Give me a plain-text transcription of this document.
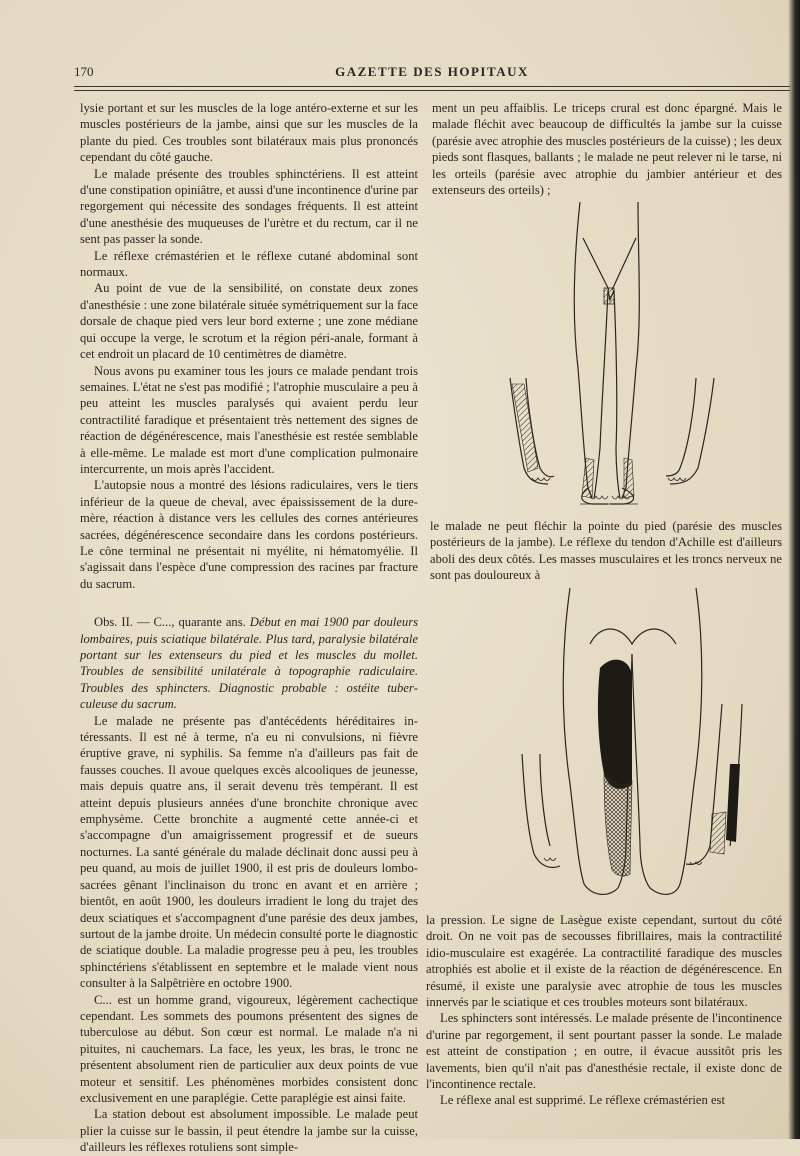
170	GAZETTE DES HOPITAUX

lysie portant et sur les muscles de la loge antéro-externe et sur les muscles postérieurs de la jambe, ainsi que sur les muscles de la plante du pied. Ces troubles sont bilatéraux mais plus prononcés cependant du côté gauche.

Le malade présente des troubles sphinctériens. Il est atteint d'une constipation opiniâtre, et aussi d'une incontinence d'urine par regorgement qui nécessite des sondages fréquents. Il est atteint d'une anesthésie des muqueuses de l'urètre et du rectum, car il ne sent pas passer la sonde.

Le réflexe crémastérien et le réflexe cutané abdominal sont normaux.

Au point de vue de la sensibilité, on constate deux zones d'anesthésie : une zone bilatérale située symétriquement sur la face dorsale de chaque pied vers leur bord externe ; une zone médiane qui occupe la verge, le scrotum et la région péri-anale, formant à cet endroit un placard de 10 centimètres de diamètre.

Nous avons pu examiner tous les jours ce malade pendant trois semaines. L'état ne s'est pas modifié ; l'atrophie musculaire a peu à peu atteint les muscles paralysés qui avaient perdu leur contractilité faradique et présentaient très nettement des signes de réaction de dégénérescence, mais l'anesthésie est restée semblable à elle-même. Le malade est mort d'une complication pulmonaire intercurrente, un mois après l'accident.

L'autopsie nous a montré des lésions radiculaires, vers le tiers inférieur de la queue de cheval, avec épaississement de la dure-mère, réaction à distance vers les cellules des cornes antérieures sacrées, dégénérescence secondaire dans les cordons postérieurs. Le cône terminal ne présentait ni myélite, ni hématomyélie. Il s'agissait dans l'espèce d'une compression des racines par fracture du sacrum.

Obs. II. — C..., quarante ans. Début en mai 1900 par douleurs lombaires, puis sciatique bilatérale. Plus tard, paralysie bilatérale portant sur les extenseurs du pied et les muscles du mollet. Troubles de sensibilité unilatérale à topographie radiculaire. Troubles des sphincters. Diagnostic probable : ostéite tuberculeuse du sacrum.

Le malade ne présente pas d'antécédents héréditaires intéressants. Il est né à terme, n'a eu ni convulsions, ni fièvre éruptive grave, ni syphilis. Sa femme n'a d'ailleurs pas fait de fausses couches. Il avoue quelques excès alcooliques de jeunesse, mais depuis quatre ans, il serait devenu très tempérant. Il est atteint depuis plusieurs années d'une bronchite chronique avec emphysème. Cette bronchite a augmenté cette année-ci et s'accompagne d'un amaigrissement progressif et de sueurs nocturnes. La santé générale du malade déclinait donc aussi peu à peu quand, au mois de juillet 1900, il est pris de douleurs lombo-sacrées gênant l'inclinaison du tronc en avant et en arrière ; bientôt, en août 1900, les douleurs irradient le long du trajet des deux sciatiques et s'accompagnent d'une parésie des deux jambes, surtout de la jambe droite. Un médecin consulté porte le diagnostic de sciatique double. La maladie progresse peu à peu, les troubles sphinctériens s'établissent en septembre et le malade vient nous consulter à la Salpêtrière en octobre 1900.

C... est un homme grand, vigoureux, légèrement cachectique cependant. Les sommets des poumons présentent des signes de tuberculose au début. Son cœur est normal. Le malade n'a ni pituites, ni cauchemars. La face, les yeux, les bras, le tronc ne présentent absolument rien de particulier aux deux points de vue moteur et sensitif. Les phénomènes morbides consistent donc exclusivement en une paraplégie. Cette paraplégie est ainsi faite.

La station debout est absolument impossible. Le malade peut plier la cuisse sur le bassin, il peut étendre la jambe sur la cuisse, d'ailleurs les réflexes rotuliens sont simple-

ment un peu affaiblis. Le triceps crural est donc épargné. Mais le malade fléchit avec beaucoup de difficultés la jambe sur la cuisse (parésie avec atrophie des muscles postérieurs de la cuisse) ; les deux pieds sont flasques, ballants ; le malade ne peut relever ni le tarse, ni les orteils (parésie avec atrophie du jambier antérieur et des extenseurs des orteils) ;

le malade ne peut fléchir la pointe du pied (parésie des muscles postérieurs de la jambe). Le réflexe du tendon d'Achille est d'ailleurs aboli des deux côtés. Les masses musculaires et les troncs nerveux ne sont pas douloureux à

la pression. Le signe de Lasègue existe cependant, surtout du côté droit. On ne voit pas de secousses fibrillaires, mais la contractilité idio-musculaire est exagérée. La contractilité faradique des muscles atrophiés est abolie et il existe de la réaction de dégénérescence. En résumé, il existe une paralysie avec atrophie de tous les muscles innervés par le sciatique et ces troubles moteurs sont bilatéraux.

Les sphincters sont intéressés. Le malade présente de l'incontinence d'urine par regorgement, il sent pourtant passer la sonde. Le malade est atteint de constipation ; en outre, il évacue aussitôt pris les lavements, bien qu'il n'ait pas d'anesthésie rectale, il existe donc de l'incontinence rectale.

Le réflexe anal est supprimé. Le réflexe crémastérien est
